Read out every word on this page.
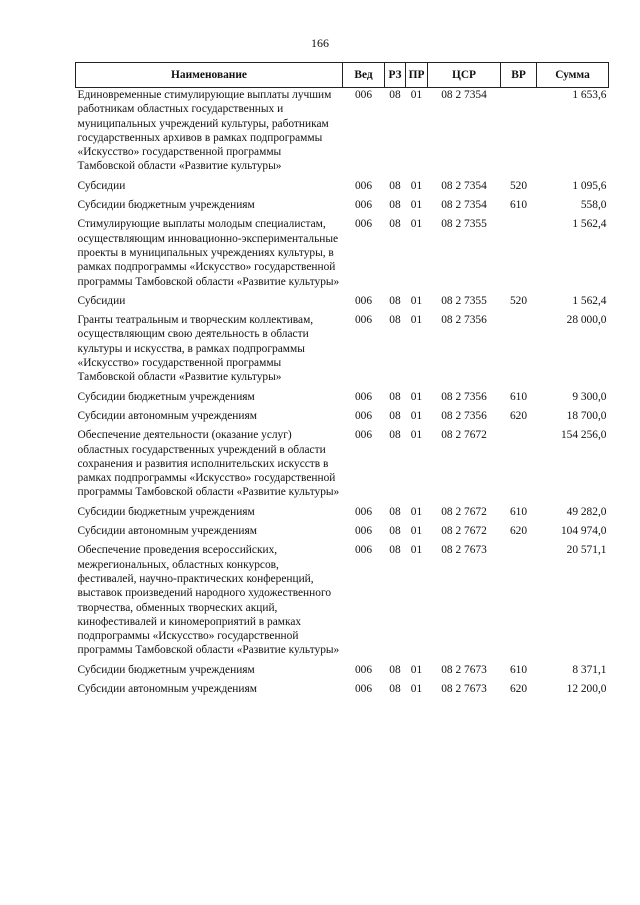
166
Наименование	Вед	РЗ	ПР	ЦСР	ВР	Сумма
Единовременные стимулирующие выплаты лучшим работникам областных государственных и муниципальных учреждений культуры, работникам государственных архивов в рамках подпрограммы «Искусство» государственной программы Тамбовской области «Развитие культуры»	006	08	01	08 2 7354		1 653,6
Субсидии	006	08	01	08 2 7354	520	1 095,6
Субсидии бюджетным учреждениям	006	08	01	08 2 7354	610	558,0
Стимулирующие выплаты молодым специалистам, осуществляющим инновационно-экспериментальные проекты в муниципальных учреждениях культуры, в рамках подпрограммы «Искусство» государственной программы Тамбовской области «Развитие культуры»	006	08	01	08 2 7355		1 562,4
Субсидии	006	08	01	08 2 7355	520	1 562,4
Гранты театральным и творческим коллективам, осуществляющим свою деятельность в области культуры и искусства, в рамках подпрограммы «Искусство» государственной программы Тамбовской области «Развитие культуры»	006	08	01	08 2 7356		28 000,0
Субсидии бюджетным учреждениям	006	08	01	08 2 7356	610	9 300,0
Субсидии автономным учреждениям	006	08	01	08 2 7356	620	18 700,0
Обеспечение деятельности (оказание услуг) областных государственных учреждений в области сохранения и развития исполнительских искусств в рамках подпрограммы «Искусство» государственной программы Тамбовской области «Развитие культуры»	006	08	01	08 2 7672		154 256,0
Субсидии бюджетным учреждениям	006	08	01	08 2 7672	610	49 282,0
Субсидии автономным учреждениям	006	08	01	08 2 7672	620	104 974,0
Обеспечение проведения всероссийских, межрегиональных, областных конкурсов, фестивалей, научно-практических конференций, выставок произведений народного художественного творчества, обменных творческих акций, кинофестивалей и киномероприятий в рамках подпрограммы «Искусство» государственной программы Тамбовской области «Развитие культуры»	006	08	01	08 2 7673		20 571,1
Субсидии бюджетным учреждениям	006	08	01	08 2 7673	610	8 371,1
Субсидии автономным учреждениям	006	08	01	08 2 7673	620	12 200,0
